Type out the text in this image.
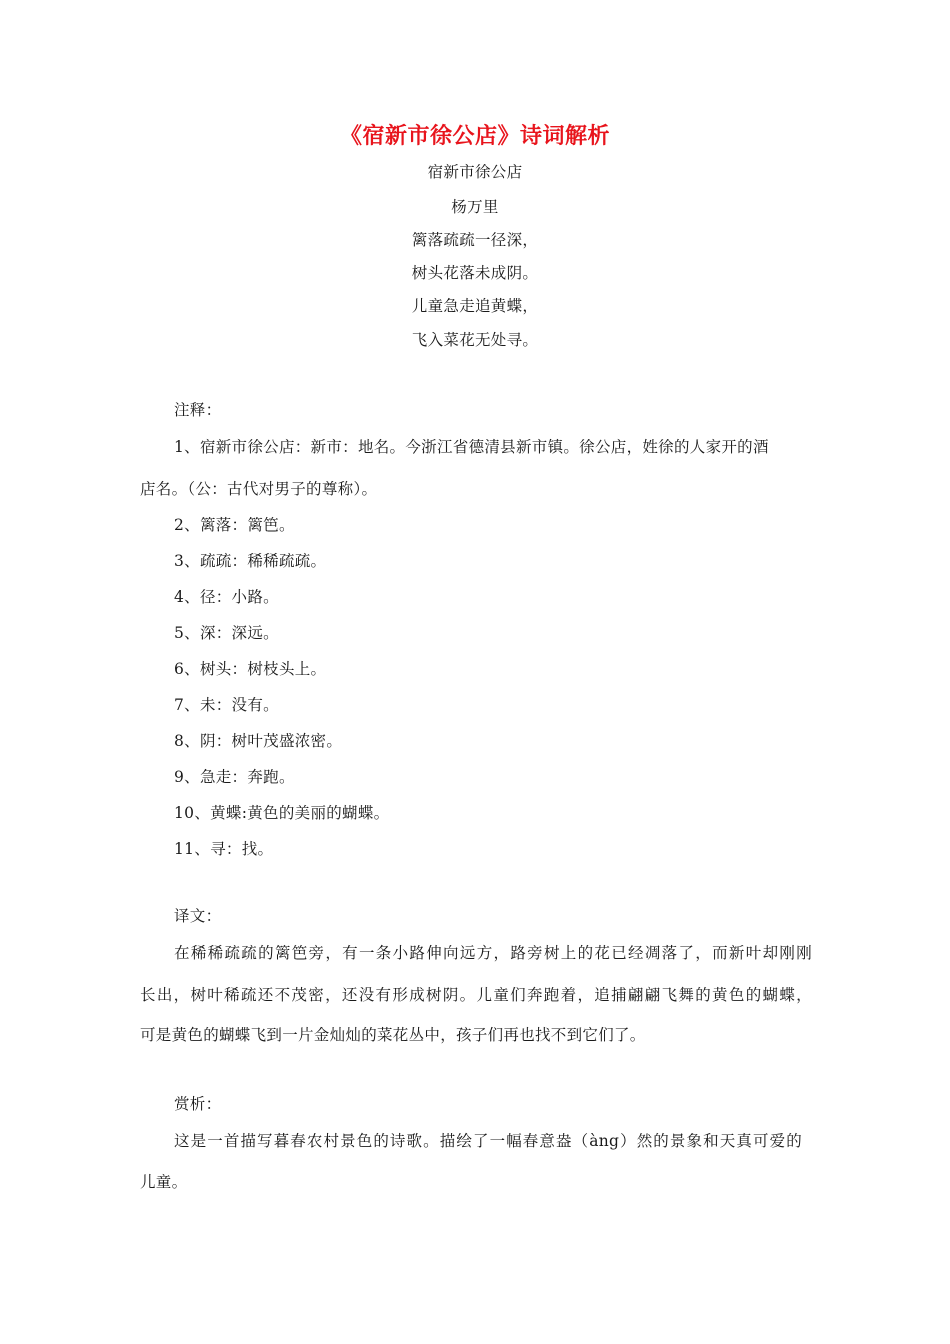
《宿新市徐公店》诗词解析
宿新市徐公店
杨万里
篱落疏疏一径深，
树头花落未成阴。
儿童急走追黄蝶，
飞入菜花无处寻。
注释：
1、宿新市徐公店：新市：地名。今浙江省德清县新市镇。徐公店，姓徐的人家开的酒
店名。（公：古代对男子的尊称）。
2、篱落：篱笆。
3、疏疏：稀稀疏疏。
4、径：小路。
5、深：深远。
6、树头：树枝头上。
7、未：没有。
8、阴：树叶茂盛浓密。
9、急走：奔跑。
10、黄蝶:黄色的美丽的蝴蝶。
11、寻：找。
译文：
在稀稀疏疏的篱笆旁，有一条小路伸向远方，路旁树上的花已经凋落了，而新叶却刚刚
长出，树叶稀疏还不茂密，还没有形成树阴。儿童们奔跑着，追捕翩翩飞舞的黄色的蝴蝶，
可是黄色的蝴蝶飞到一片金灿灿的菜花丛中，孩子们再也找不到它们了。
赏析：
这是一首描写暮春农村景色的诗歌。描绘了一幅春意盎（àng）然的景象和天真可爱的
儿童。
